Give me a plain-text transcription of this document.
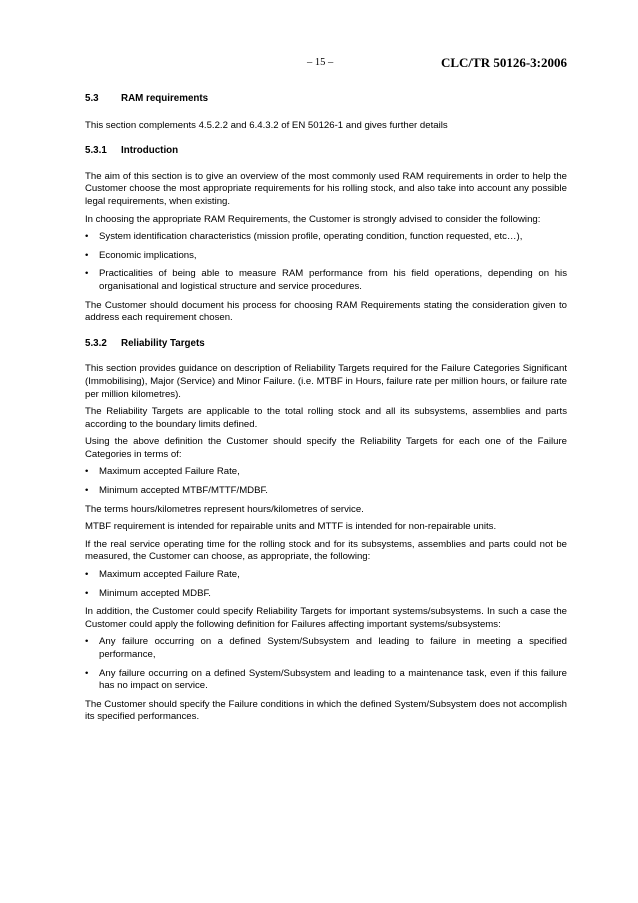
– 15 –	CLC/TR 50126-3:2006
5.3	RAM requirements

This section complements 4.5.2.2 and 6.4.3.2 of EN 50126-1 and gives further details

5.3.1	Introduction

The aim of this section is to give an overview of the most commonly used RAM requirements in order to help the Customer choose the most appropriate requirements for his rolling stock, and also take into account any possible legal requirements, when existing.

In choosing the appropriate RAM Requirements, the Customer is strongly advised to consider the following:

• System identification characteristics (mission profile, operating condition, function requested, etc…),
• Economic implications,
• Practicalities of being able to measure RAM performance from his field operations, depending on his organisational and logistical structure and service procedures.

The Customer should document his process for choosing RAM Requirements stating the consideration given to address each requirement chosen.

5.3.2	Reliability Targets

This section provides guidance on description of Reliability Targets required for the Failure Categories Significant (Immobilising), Major (Service) and Minor Failure. (i.e. MTBF in Hours, failure rate per million hours, or failure rate per million kilometres).

The Reliability Targets are applicable to the total rolling stock and all its subsystems, assemblies and parts according to the boundary limits defined.

Using the above definition the Customer should specify the Reliability Targets for each one of the Failure Categories in terms of:

• Maximum accepted Failure Rate,
• Minimum accepted MTBF/MTTF/MDBF.

The terms hours/kilometres represent hours/kilometres of service.

MTBF requirement is intended for repairable units and MTTF is intended for non-repairable units.

If the real service operating time for the rolling stock and for its subsystems, assemblies and parts could not be measured, the Customer can choose, as appropriate, the following:

• Maximum accepted Failure Rate,
• Minimum accepted MDBF.

In addition, the Customer could specify Reliability Targets for important systems/subsystems. In such a case the Customer could apply the following definition for Failures affecting important systems/subsystems:

• Any failure occurring on a defined System/Subsystem and leading to failure in meeting a specified performance,
• Any failure occurring on a defined System/Subsystem and leading to a maintenance task, even if this failure has no impact on service.

The Customer should specify the Failure conditions in which the defined System/Subsystem does not accomplish its specified performances.
